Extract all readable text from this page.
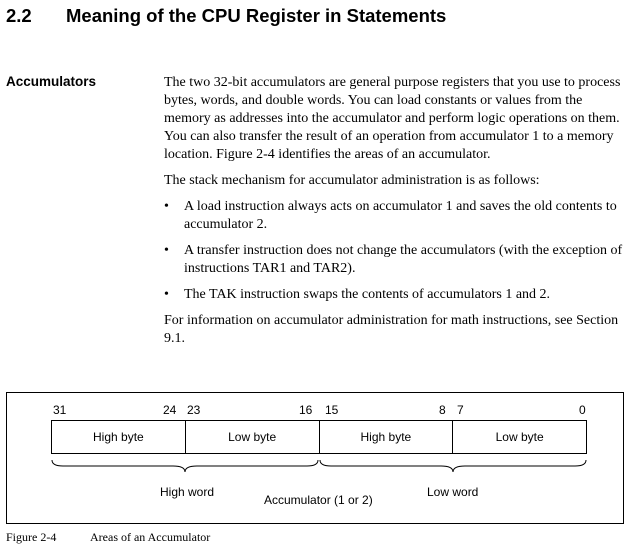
2.2 Meaning of the CPU Register in Statements
Accumulators	The two 32-bit accumulators are general purpose registers that you use to process bytes, words, and double words. You can load constants or values from the memory as addresses into the accumulator and perform logic operations on them. You can also transfer the result of an operation from accumulator 1 to a memory location. Figure 2-4 identifies the areas of an accumulator.

The stack mechanism for accumulator administration is as follows:

• A load instruction always acts on accumulator 1 and saves the old contents to accumulator 2.
• A transfer instruction does not change the accumulators (with the exception of instructions TAR1 and TAR2).
• The TAK instruction swaps the contents of accumulators 1 and 2.

For information on accumulator administration for math instructions, see Section 9.1.

31	24 23	16 15	8 7	0
High byte	Low byte	High byte	Low byte
High word	Low word
Accumulator (1 or 2)
Figure 2-4	Areas of an Accumulator
